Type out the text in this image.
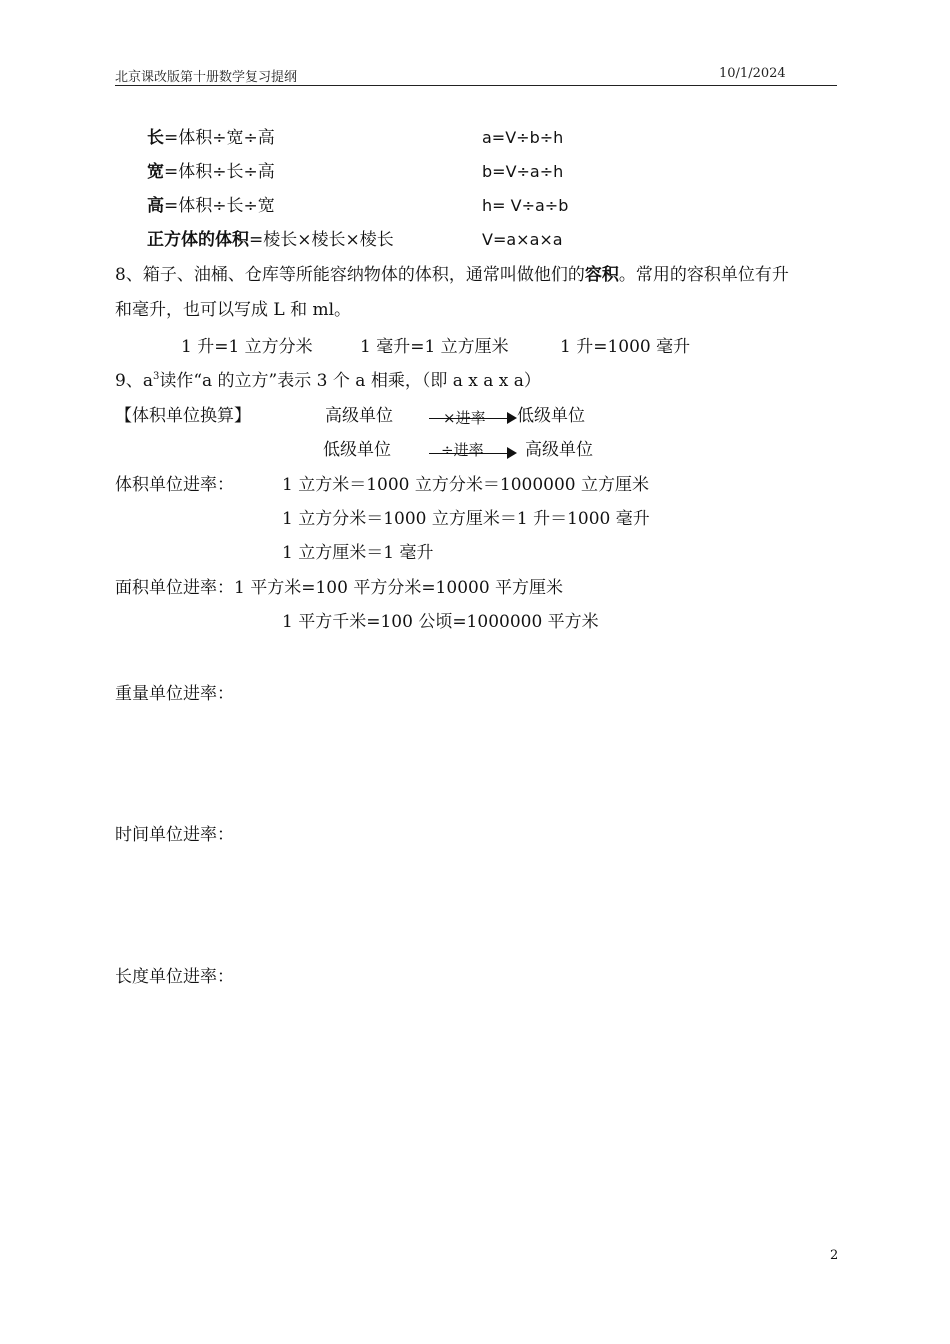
北京课改版第十册数学复习提纲	10/1/2024
长=体积÷宽÷高	a=V÷b÷h
宽=体积÷长÷高	b=V÷a÷h
高=体积÷长÷宽	h= V÷a÷b
正方体的体积=棱长×棱长×棱长	V=a×a×a
8、箱子、油桶、仓库等所能容纳物体的体积，通常叫做他们的容积。常用的容积单位有升
和毫升，也可以写成 L 和 ml。
1 升=1 立方分米	1 毫升=1 立方厘米	1 升=1000 毫升
9、$a^3$读作“a 的立方”表示 3 个 a 相乘，（即 a x a x a）
【体积单位换算】	高级单位	×进率 低级单位
低级单位	÷进率 高级单位
体积单位进率：	1 立方米＝1000 立方分米＝1000000 立方厘米
1 立方分米＝1000 立方厘米＝1 升＝1000 毫升
1 立方厘米＝1 毫升
面积单位进率：1 平方米=100 平方分米=10000 平方厘米
1 平方千米=100 公顷=1000000 平方米
重量单位进率：
时间单位进率：
长度单位进率：
2
